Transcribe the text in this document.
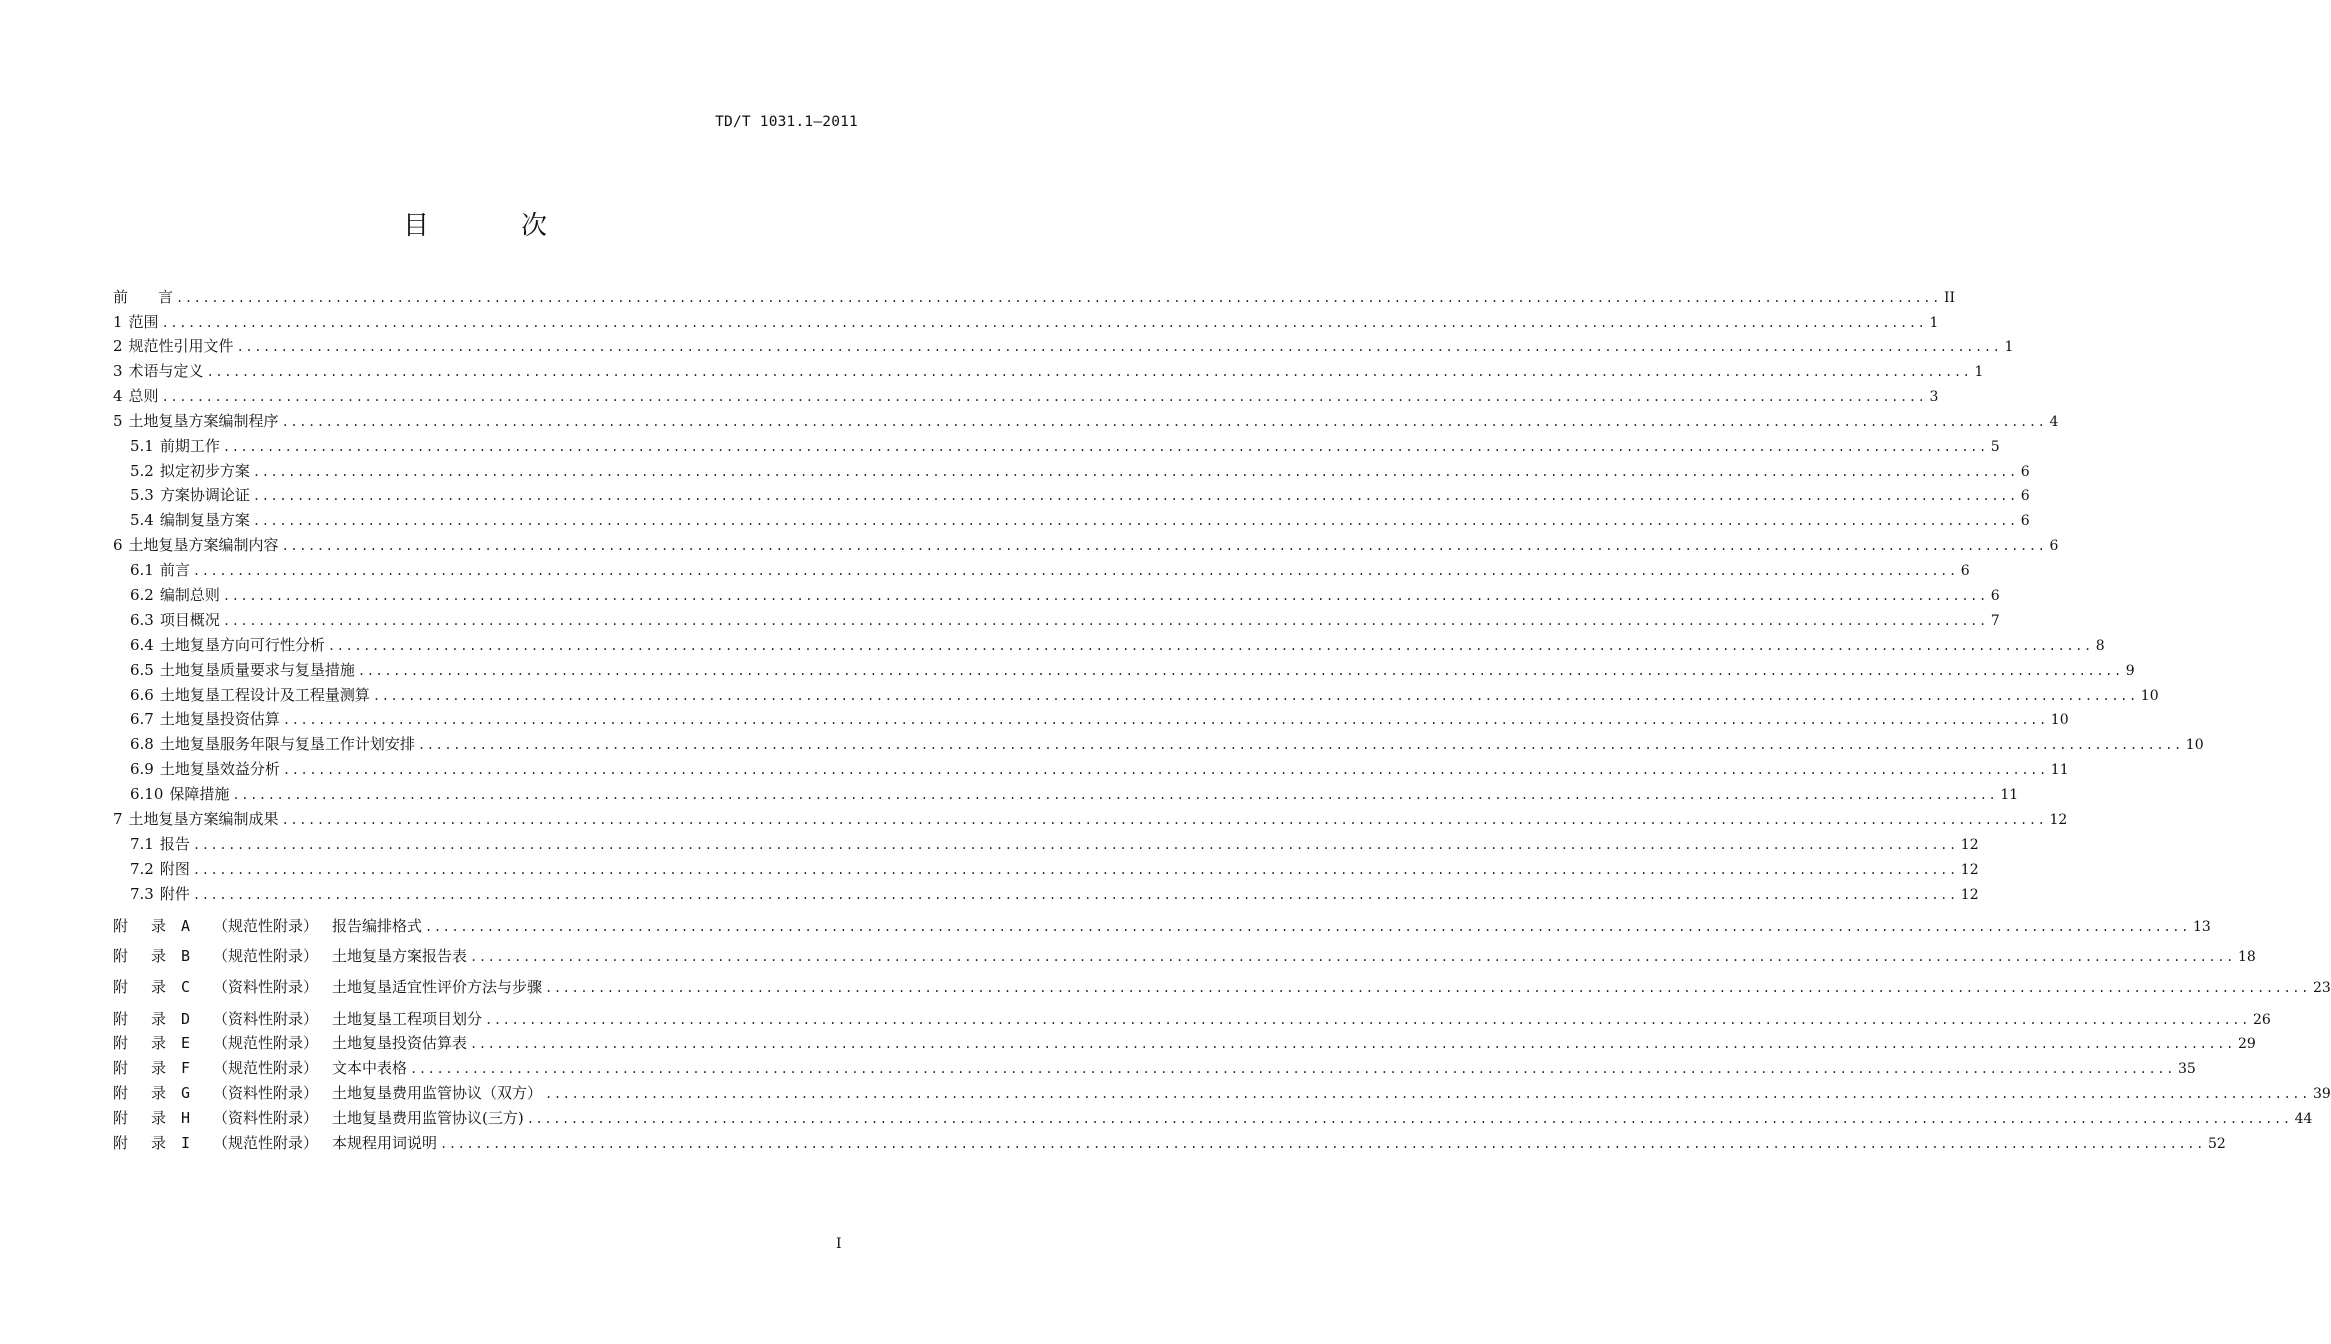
TD/T 1031.1—2011
目	次
前　　言 ........................................................................................................................................................................................................ II
1 范围 ........................................................................................................................................................................................................ 1
2 规范性引用文件 ........................................................................................................................................................................................................ 1
3 术语与定义 ........................................................................................................................................................................................................ 1
4 总则 ........................................................................................................................................................................................................ 3
5 土地复垦方案编制程序 ........................................................................................................................................................................................................ 4
5.1 前期工作 ........................................................................................................................................................................................................ 5
5.2 拟定初步方案 ........................................................................................................................................................................................................ 6
5.3 方案协调论证 ........................................................................................................................................................................................................ 6
5.4 编制复垦方案 ........................................................................................................................................................................................................ 6
6 土地复垦方案编制内容 ........................................................................................................................................................................................................ 6
6.1 前言 ........................................................................................................................................................................................................ 6
6.2 编制总则 ........................................................................................................................................................................................................ 6
6.3 项目概况 ........................................................................................................................................................................................................ 7
6.4 土地复垦方向可行性分析 ........................................................................................................................................................................................................ 8
6.5 土地复垦质量要求与复垦措施 ........................................................................................................................................................................................................ 9
6.6 土地复垦工程设计及工程量测算 ........................................................................................................................................................................................................ 10
6.7 土地复垦投资估算 ........................................................................................................................................................................................................ 10
6.8 土地复垦服务年限与复垦工作计划安排 ........................................................................................................................................................................................................ 10
6.9 土地复垦效益分析 ........................................................................................................................................................................................................ 11
6.10 保障措施 ........................................................................................................................................................................................................ 11
7 土地复垦方案编制成果 ........................................................................................................................................................................................................ 12
7.1 报告 ........................................................................................................................................................................................................ 12
7.2 附图 ........................................................................................................................................................................................................ 12
7.3 附件 ........................................................................................................................................................................................................ 12
附 录 A （规范性附录） 报告编排格式 ........................................................................................................................................................................................................ 13
附 录 B （规范性附录） 土地复垦方案报告表 ........................................................................................................................................................................................................ 18
附 录 C （资料性附录） 土地复垦适宜性评价方法与步骤 ........................................................................................................................................................................................................ 23
附 录 D （资料性附录） 土地复垦工程项目划分 ........................................................................................................................................................................................................ 26
附 录 E （规范性附录） 土地复垦投资估算表 ........................................................................................................................................................................................................ 29
附 录 F （规范性附录） 文本中表格 ........................................................................................................................................................................................................ 35
附 录 G （资料性附录） 土地复垦费用监管协议（双方） ........................................................................................................................................................................................................ 39
附 录 H （资料性附录） 土地复垦费用监管协议(三方) ........................................................................................................................................................................................................ 44
附 录 I （规范性附录） 本规程用词说明 ........................................................................................................................................................................................................ 52
I
